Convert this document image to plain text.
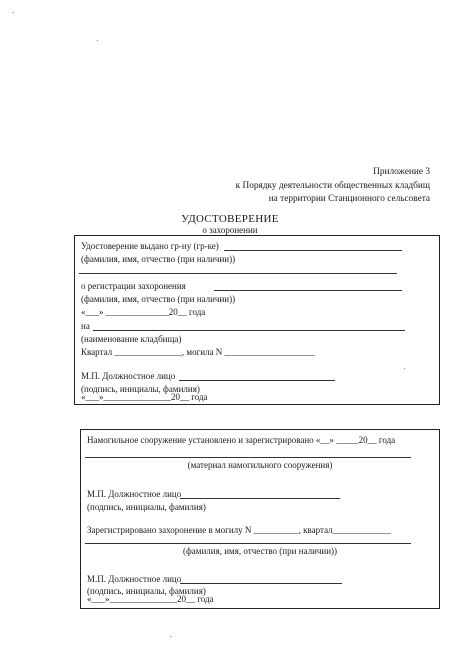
Приложение 3
к Порядку деятельности общественных кладбищ
на территории Станционного сельсовета
УДОСТОВЕРЕНИЕ
о захоронении
Удостоверение выдано гр-ну (гр-ке)
(фамилия, имя, отчество (при наличии))
о регистрации захоронения
(фамилия, имя, отчество (при наличии))
«___» ______________20__ года
на
(наименование кладбища)
Квартал _______________, могила N ____________________
М.П. Должностное лицо
(подпись, инициалы, фамилия)
«___»_______________20__ года
Намогильное сооружение установлено и зарегистрировано «__» _____20__ года
(материал намогильного сооружения)
М.П. Должностное лицо
(подпись, инициалы, фамилия)
Зарегистрировано захоронение в могилу N __________, квартал_____________
(фамилия, имя, отчество (при наличии))
М.П. Должностное лицо
(подпись, инициалы, фамилия)
«___»_______________20__ года
